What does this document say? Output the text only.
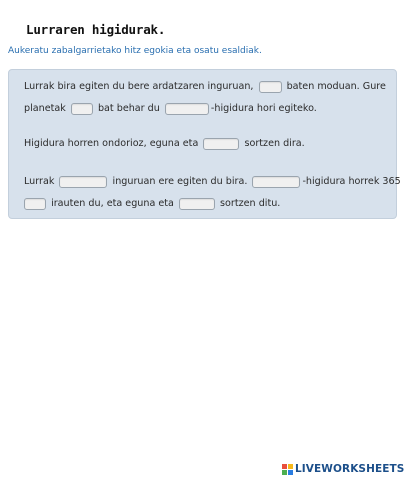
Lurraren higidurak.
Aukeratu zabalgarrietako hitz egokia eta osatu esaldiak.
Lurrak bira egiten du bere ardatzaren inguruan,	baten moduan. Gure
planetak	bat behar du	-higidura hori egiteko.
Higidura horren ondorioz, eguna eta	sortzen dira.
Lurrak	inguruan ere egiten du bira.	-higidura horrek 365
irauten du, eta eguna eta	sortzen ditu.
LIVEWORKSHEETS
